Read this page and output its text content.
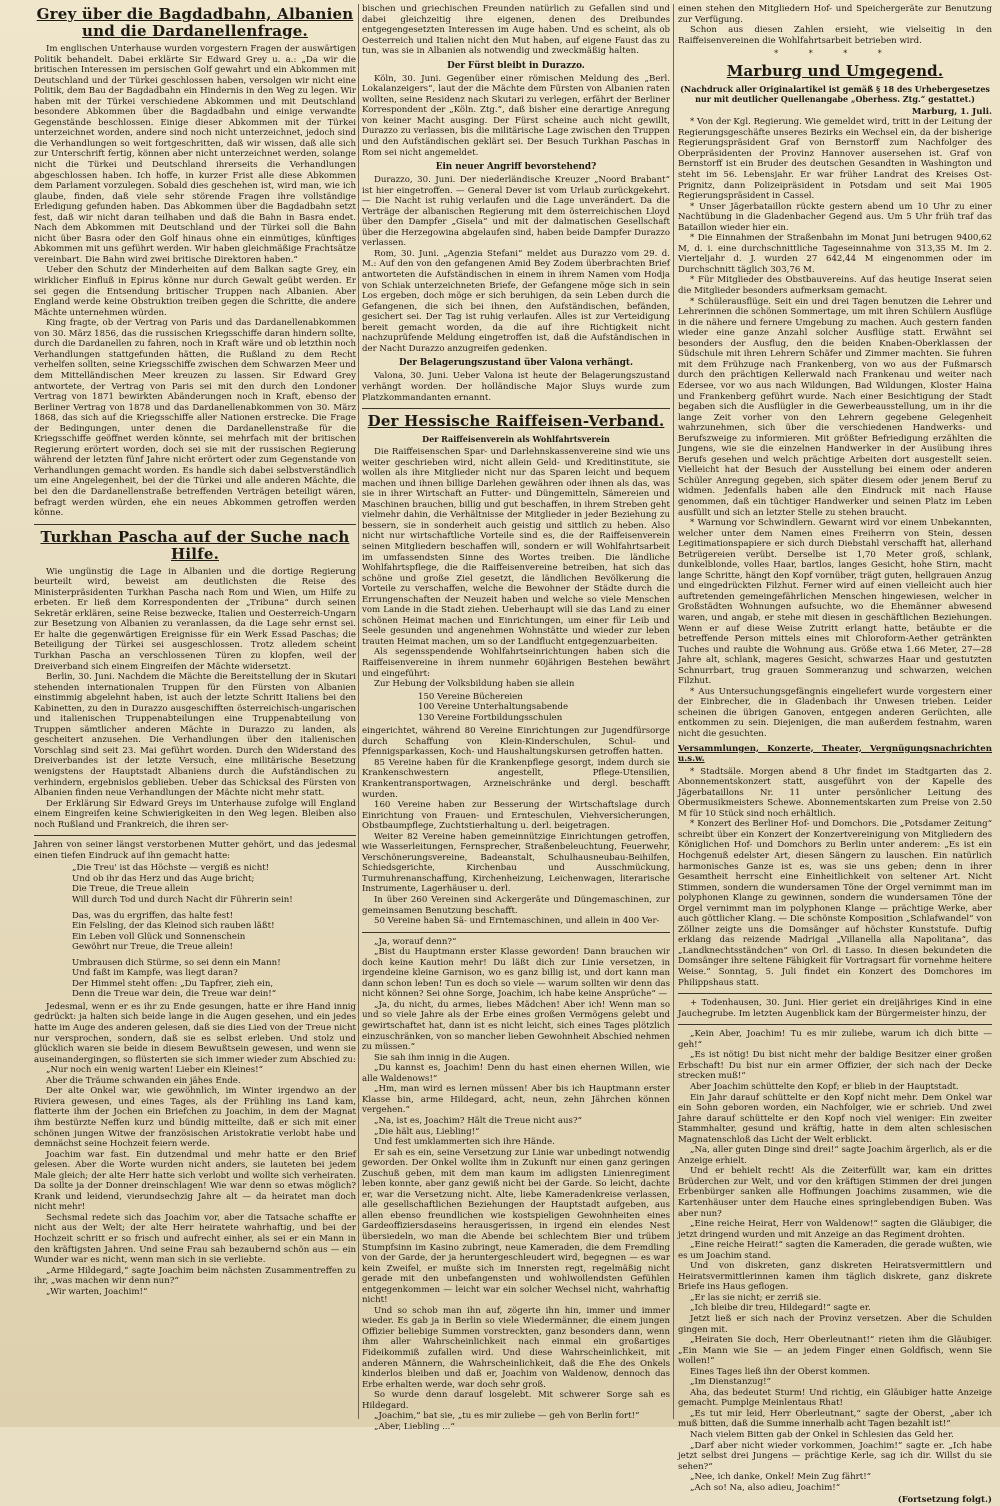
Grey über die Bagdadbahn, Albanien und die Dardanellenfrage.

Im englischen Unterhause wurden vorgestern Fragen der auswärtigen Politik behandelt. Dabei erklärte Sir Edward Grey u. a.: „Da wir die britischen Interessen im persischen Golf gewahrt und ein Abkommen mit Deutschland und der Türkei geschlossen haben, versolgen wir nicht eine Politik, dem Bau der Bagdadbahn ein Hindernis in den Weg zu legen. Wir haben mit der Türkei verschiedene Abkommen und mit Deutschland besondere Abkommen über die Bagdadbahn und einige verwandte Gegenstände beschlossen. Einige dieser Abkommen mit der Türkei unterzeichnet worden, andere sind noch nicht unterzeichnet, jedoch sind die Verhandlungen so weit fortgeschritten, daß wir wissen, daß alle sich zur Unterschrift fertig, können aber nicht unterzeichnet werden, solange nicht die Türkei und Deutschland ihrerseits die Verhandlungen abgeschlossen haben. Ich hoffe, in kurzer Frist alle diese Abkommen dem Parlament vorzulegen. Sobald dies geschehen ist, wird man, wie ich glaube, finden, daß viele sehr störende Fragen ihre vollständige Erledigung gefunden haben. Das Abkommen über die Bagdadbahn setzt fest, daß wir nicht daran teilhaben und daß die Bahn in Basra endet. Nach dem Abkommen mit Deutschland und der Türkei soll die Bahn nicht über Basra oder den Golf hinaus ohne ein einmütiges, künftiges Abkommen mit uns geführt werden. Wir haben gleichmäßige Frachtsätze vereinbart. Die Bahn wird zwei britische Direktoren haben.“

Ueber den Schutz der Minderheiten auf dem Balkan sagte Grey, ein wirklicher Einfluß in Epirus könne nur durch Gewalt geübt werden. Er sei gegen die Entsendung britischer Truppen nach Albanien. Aber England werde keine Obstruktion treiben gegen die Schritte, die andere Mächte unternehmen würden.

King fragte, ob der Vertrag von Paris und das Dardanellenabkommen von 30. März 1856, das die russischen Kriegsschiffe daran hindern sollte, durch die Dardanellen zu fahren, noch in Kraft wäre und ob letzthin noch Verhandlungen stattgefunden hätten, die Rußland zu dem Recht verhelfen sollten, seine Kriegsschiffe zwischen dem Schwarzen Meer und dem Mittelländischen Meer kreuzen zu lassen. Sir Edward Grey antwortete, der Vertrag von Paris sei mit den durch den Londoner Vertrag von 1871 bewirkten Abänderungen noch in Kraft, ebenso der Berliner Vertrag von 1878 und das Dardanellenabkommen von 30. März 1868, das sich auf die Kriegsschiffe aller Nationen erstrecke. Die Frage der Bedingungen, unter denen die Dardanellenstraße für die Kriegsschiffe geöffnet werden könnte, sei mehrfach mit der britischen Regierung erörtert worden, doch sei sie mit der russischen Regierung während der letzten fünf Jahre nicht erörtert oder zum Gegenstande von Verhandlungen gemacht worden. Es handle sich dabei selbstverständlich um eine Angelegenheit, bei der die Türkei und alle anderen Mächte, die bei den die Dardanellenstraße betreffenden Verträgen beteiligt wären, befragt werden würden, ehe ein neues Abkommen getroffen werden könne.

Turkhan Pascha auf der Suche nach Hilfe.

Wie ungünstig die Lage in Albanien und die dortige Regierung beurteilt wird, beweist am deutlichsten die Reise des Ministerpräsidenten Turkhan Pascha nach Rom und Wien, um Hilfe zu erbeten. Er ließ dem Korrespondenten der „Tribuna“ durch seinen Sekretär erklären, seine Reise bezwecke, Italien und Oesterreich-Ungarn zur Besetzung von Albanien zu veranlassen, da die Lage sehr ernst sei. Er halte die gegenwärtigen Ereignisse für ein Werk Essad Paschas; die Beteiligung der Türkei sei ausgeschlossen. Trotz alledem scheint Turkhan Pascha an verschlossenen Türen zu klopfen, weil der Dreiverband sich einem Eingreifen der Mächte widersetzt.

Berlin, 30. Juni. Nachdem die Mächte die Bereitstellung der in Skutari stehenden internationalen Truppen für den Fürsten von Albanien einstimmig abgelehnt haben, ist auch der letzte Schritt Italiens bei den Kabinetten, zu den in Durazzo ausgeschifften österreichisch-ungarischen und italienischen Truppenabteilungen eine Truppenabteilung von Truppen sämtlicher anderen Mächte in Durazzo zu landen, als gescheitert anzusehen. Die Verhandlungen über den italienischen Vorschlag sind seit 23. Mai geführt worden. Durch den Widerstand des Dreiverbandes ist der letzte Versuch, eine militärische Besetzung wenigstens der Hauptstadt Albaniens durch die Aufständischen zu verhindern, ergebnislos geblieben. Ueber das Schicksal des Fürsten von Albanien finden neue Verhandlungen der Mächte nicht mehr statt.

Der Erklärung Sir Edward Greys im Unterhause zufolge will England einem Eingreifen keine Schwierigkeiten in den Weg legen. Bleiben also noch Rußland und Frankreich, die ihren ser-

Jahren von seiner längst verstorbenen Mutter gehört, und das jedesmal einen tiefen Eindruck auf ihn gemacht hatte:

„Die Treu' ist das Höchste — vergiß es nicht!
Und ob ihr das Herz und das Auge bricht;
Die Treue, die Treue allein
Will durch Tod und durch Nacht dir Führerin sein!
Das, was du ergriffen, das halte fest!
Ein Felsling, der das Kleinod sich rauben läßt!
Ein Leben voll Glück und Sonnenschein
Gewöhrt nur Treue, die Treue allein!
Umbrausen dich Stürme, so sei denn ein Mann!
Und faßt im Kampfe, was liegt daran?
Der Himmel steht offen: „Du Tapfrer, zieh ein,
Denn die Treue war dein, die Treue war dein!“

Jedesmal, wenn er es ihr zu Ende gesungen, hatte er ihre Hand innig gedrückt: ja halten sich beide lange in die Augen gesehen, und ein jedes hatte im Auge des anderen gelesen, daß sie dies Lied von der Treue nicht nur versprochen, sondern, daß sie es selbst erleben. Und stolz und glücklich waren sie beide in diesem Bewußtsein gewesen, und wenn sie auseinandergingen, so flüsterten sie sich immer wieder zum Abschied zu:

„Nur noch ein wenig warten! Lieber ein Kleines!“

Aber die Träume schwanden ein jähes Ende.

Der alte Onkel war, wie gewöhnlich, im Winter irgendwo an der Riviera gewesen, und eines Tages, als der Frühling ins Land kam, flatterte ihm der Jochen ein Briefchen zu Joachim, in dem der Magnat ihm bestürzte Neffen kurz und bündig mitteilte, daß er sich mit einer schönen jungen Witwe der französischen Aristokratie verlobt habe und demnächst seine Hochzeit feiern werde.

Joachim war fast. Ein dutzendmal und mehr hatte er den Brief gelesen. Aber die Worte wurden nicht anders, sie lauteten bei jedem Male gleich; der alte Herr hatte sich verlobt und wollte sich verheiraten. Da sollte ja der Donner dreinschlagen! Wie war denn so etwas möglich? Krank und leidend, vierundsechzig Jahre alt — da heiratet man doch nicht mehr!

Sechsmal redete sich das Joachim vor, aber die Tatsache schaffte er nicht aus der Welt; der alte Herr heiratete wahrhaftig, und bei der Hochzeit schritt er so frisch und aufrecht einher, als sei er ein Mann in den kräftigsten Jahren. Und seine Frau sah bezaubernd schön aus — ein Wunder war es nicht, wenn man sich in sie verliebte.

„Arme Hildegard,“ sagte Joachim beim nächsten Zusammentreffen zu ihr, „was machen wir denn nun?“

„Wir warten, Joachim!“

bischen und griechischen Freunden natürlich zu Gefallen sind und dabei gleichzeitig ihre eigenen, denen des Dreibundes entgegengesetzten Interessen im Auge haben. Und es scheint, als ob Oesterreich und Italien nicht den Mut haben, auf eigene Faust das zu tun, was sie in Albanien als notwendig und zweckmäßig halten.

Der Fürst bleibt in Durazzo.

Köln, 30. Juni. Gegenüber einer römischen Meldung des „Berl. Lokalanzeigers“, laut der die Mächte dem Fürsten von Albanien raten wollten, seine Residenz nach Skutari zu verlegen, erfährt der Berliner Korrespondent der „Köln. Ztg.“, daß bisher eine derartige Anregung von keiner Macht ausging. Der Fürst scheine auch nicht gewillt, Durazzo zu verlassen, bis die militärische Lage zwischen den Truppen und den Aufständischen geklärt sei. Der Besuch Turkhan Paschas in Rom sei nicht angemeldet.

Ein neuer Angriff bevorstehend?

Durazzo, 30. Juni. Der niederländische Kreuzer „Noord Brabant“ ist hier eingetroffen. — General Dever ist vom Urlaub zurückgekehrt. — Die Nacht ist ruhig verlaufen und die Lage unverändert. Da die Verträge der albanischen Regierung mit dem österreichischen Lloyd über den Dampfer „Gisela“ und mit der dalmatischen Gesellschaft über die Herzegowina abgelaufen sind, haben beide Dampfer Durazzo verlassen.

Rom, 30. Juni. „Agenzia Stefani“ meldet aus Durazzo vom 29. d. M.: Auf den von den gefangenen Amid Bey Zodem überbrachten Brief antworteten die Aufständischen in einem in ihrem Namen vom Hodja von Schiak unterzeichneten Briefe, der Gefangene möge sich in sein Los ergeben, doch möge er sich beruhigen, da sein Leben durch die Gefangenen, die sich bei ihnen, den Aufständischen, befänden, gesichert sei. Der Tag ist ruhig verlaufen. Alles ist zur Verteidigung bereit gemacht worden, da die auf ihre Richtigkeit nicht nachzuprüfende Meldung eingetroffen ist, daß die Aufständischen in der Nacht Durazzo anzugreifen gedenken.

Der Belagerungszustand über Valona verhängt.

Valona, 30. Juni. Ueber Valona ist heute der Belagerungszustand verhängt worden. Der holländische Major Sluys wurde zum Platzkommandanten ernannt.

Der Hessische Raiffeisen-Verband.
Der Raiffeisenverein als Wohlfahrtsverein

Die Raiffeisenschen Spar- und Darlehnskassenvereine sind wie uns weiter geschrieben wird, nicht allein Geld- und Kreditinstitute, sie wollen als ihre Mitglieder nicht nur das Sparen leicht und bequem machen und ihnen billige Darlehen gewähren oder ihnen als das, was sie in ihrer Wirtschaft an Futter- und Düngemitteln, Sämereien und Maschinen brauchen, billig und gut beschaffen, in ihrem Streben geht vielmehr dahin, die Verhältnisse der Mitglieder in jeder Beziehung zu bessern, sie in sonderheit auch geistig und sittlich zu heben. Also nicht nur wirtschaftliche Vorteile sind es, die der Raiffeisenverein seinen Mitgliedern beschaffen will, sondern er will Wohlfahrtsarbeit im umfassendsten Sinne des Wortes treiben. Die ländliche Wohlfahrtspflege, die die Raiffeisenvereine betreiben, hat sich das schöne und große Ziel gesetzt, die ländlichen Bevölkerung die Vorteile zu verschaffen, welche die Bewohner der Städte durch die Errungenschaften der Neuzeit haben und welche so viele Menschen vom Lande in die Stadt ziehen. Ueberhaupt will sie das Land zu einer schönen Heimat machen und Einrichtungen, um einer für Leib und Seele gesunden und angenehmen Wohnstätte und wieder zur leben trauten Heimat machen, um so der Landflucht entgegenzuarbeiten.

Als segensspendende Wohlfahrtseinrichtungen haben sich die Raiffeisenvereine in ihrem nunmehr 60jährigen Bestehen bewährt und eingeführt:

Zur Hebung der Volksbildung haben sie allein

150 Vereine Büchereien
100 Vereine Unterhaltungsabende
130 Vereine Fortbildungsschulen

eingerichtet, während 80 Vereine Einrichtungen zur Jugendfürsorge durch Schaffung von Klein-Kinderschulen, Schul- und Pfennigsparkassen, Koch- und Haushaltungskursen getroffen hatten.

85 Vereine haben für die Krankenpflege gesorgt, indem durch sie Krankenschwestern angestellt, Pflege-Utensilien, Krankentransportwagen, Arzneischränke und dergl. beschafft wurden.

160 Vereine haben zur Besserung der Wirtschaftslage durch Einrichtung von Frauen- und Ernteschulen, Viehversicherungen, Obstbaumpflege, Zuchtstierhaltung u. derl. beigetragen.

Weiter 82 Vereine haben gemeinnützige Einrichtungen getroffen, wie Wasserleitungen, Fernsprecher, Straßenbeleuchtung, Feuerwehr, Verschönerungsvereine, Badeanstalt, Schulhausneubau-Beihilfen, Schiedsgerichte, Kirchenbau und Ausschmückung, Turmuhrenanschaffung, Kirchenheizung, Leichenwagen, literarische Instrumente, Lagerhäuser u. derl.

In über 260 Vereinen sind Ackergeräte und Düngemaschinen, zur gemeinsamen Benutzung beschafft.

50 Vereine haben Sä- und Erntemaschinen, und allein in 400 Ver-

„Ja, worauf denn?“

„Bist du Hauptmann erster Klasse geworden! Dann brauchen wir doch keine Kaution mehr! Du läßt dich zur Linie versetzen, in irgendeine kleine Garnison, wo es ganz billig ist, und dort kann man dann schon leben! Tun es doch so viele — warum sollten wir denn das nicht können? Sei ohne Sorge, Joachim, ich habe keine Ansprüche“ —

„Ja, du nicht, du armes, liebes Mädchen! Aber ich! Wenn man so und so viele Jahre als der Erbe eines großen Vermögens gelebt und gewirtschaftet hat, dann ist es nicht leicht, sich eines Tages plötzlich einzuschränken, von so mancher lieben Gewohnheit Abschied nehmen zu müssen.“

Sie sah ihm innig in die Augen.

„Du kannst es, Joachim! Denn du hast einen ehernen Willen, wie alle Waldenows!“

„Hm, man wird es lernen müssen! Aber bis ich Hauptmann erster Klasse bin, arme Hildegard, acht, neun, zehn Jährchen können vergehen.“

„Na, ist es, Joachim? Hält die Treue nicht aus?“

„Die hält aus, Liebling!“

Und fest umklammerten sich ihre Hände.

Er sah es ein, seine Versetzung zur Linie war unbedingt notwendig geworden. Der Onkel wollte ihm in Zukunft nur einen ganz geringen Zuschuß geben, mit dem man kaum im adligsten Linienregiment leben konnte, aber ganz gewiß nicht bei der Garde. So leicht, dachte er, war die Versetzung nicht. Alte, liebe Kameradenkreise verlassen, alle gesellschaftlichen Beziehungen der Hauptstadt aufgeben, aus allen ebenso freundlichen wie kostspieligen Gewohnheiten eines Gardeoffiziersdaseins herausgerissen, in irgend ein elendes Nest übersiedeln, wo man die Abende bei schlechtem Bier und trübem Stumpfsinn im Kasino zubringt, neue Kameraden, die dem Fremdling von der Garde, der ja heruntergeschleudert wird, begegnen — es war kein Zweifel, er mußte sich im Innersten regt, regelmäßig nicht gerade mit den unbefangensten und wohlwollendsten Gefühlen entgegenkommen — leicht war ein solcher Wechsel nicht, wahrhaftig nicht!

Und so schob man ihn auf, zögerte ihn hin, immer und immer wieder. Es gab ja in Berlin so viele Wiedermänner, die einem jungen Offizier beliebige Summen vorstreckten, ganz besonders dann, wenn ihm aller Wahrscheinlichkeit nach einmal ein großartiges Fideikommiß zufallen wird. Und diese Wahrscheinlichkeit, mit anderen Männern, die Wahrscheinlichkeit, daß die Ehe des Onkels kinderlos bleiben und daß er, Joachim von Waldenow, dennoch das Erbe erhalten werde, war doch sehr groß.

So wurde denn darauf losgelebt. Mit schwerer Sorge sah es Hildegard.

„Joachim,“ bat sie, „tu es mir zuliebe — geh von Berlin fort!“

„Aber, Liebling ...“

einen stehen den Mitgliedern Hof- und Speichergeräte zur Benutzung zur Verfügung.

Schon aus diesen Zahlen ersieht, wie vielseitig in den Raiffeisenvereinen die Wohlfahrtsarbeit betrieben wird.

* * * *
Marburg und Umgegend.
(Nachdruck aller Originalartikel ist gemäß § 18 des Urhebergesetzes nur mit deutlicher Quellenangabe „Oberhess. Ztg.“ gestattet.)
Marburg, 1. Juli.

* Von der Kgl. Regierung. Wie gemeldet wird, tritt in der Leitung der Regierungsgeschäfte unseres Bezirks ein Wechsel ein, da der bisherige Regierungspräsident Graf von Bernstorff zum Nachfolger des Oberpräsidenten der Provinz Hannover ausersehen ist. Graf von Bernstorff ist ein Bruder des deutschen Gesandten in Washington und steht im 56. Lebensjahr. Er war früher Landrat des Kreises Ost-Prignitz, dann Polizeipräsident in Potsdam und seit Mai 1905 Regierungspräsident in Cassel.

* Unser Jägerbataillon rückte gestern abend um 10 Uhr zu einer Nachtübung in die Gladenbacher Gegend aus. Um 5 Uhr früh traf das Bataillon wieder hier ein.

* Die Einnahmen der Straßenbahn im Monat Juni betrugen 9400,62 M, d. i. eine durchschnittliche Tageseinnahme von 313,35 M. Im 2. Vierteljahr d. J. wurden 27 642,44 M eingenommen oder im Durchschnitt täglich 303,76 M.

* Für Mitglieder des Obstbauvereins. Auf das heutige Inserat seien die Mitglieder besonders aufmerksam gemacht.

* Schülerausflüge. Seit ein und drei Tagen benutzen die Lehrer und Lehrerinnen die schönen Sommertage, um mit ihren Schülern Ausflüge in die nähere und fernere Umgebung zu machen. Auch gestern fanden wieder eine ganze Anzahl solcher Ausflüge statt. Erwähnt sei besonders der Ausflug, den die beiden Knaben-Oberklassen der Südschule mit ihren Lehrern Schäfer und Zimmer machten. Sie fuhren mit dem Frühzuge nach Frankenberg, von wo aus der Fußmarsch durch den prächtigen Kellerwald nach Frankenau und weiter nach Edersee, vor wo aus nach Wildungen, Bad Wildungen, Kloster Haina und Frankenberg geführt wurde. Nach einer Besichtigung der Stadt begaben sich die Ausflügler in die Gewerbeausstellung, um in ihr die lange Zeit vorher von den Lehrern gegebene Gelegenheit wahrzunehmen, sich über die verschiedenen Handwerks- und Berufszweige zu informieren. Mit größter Befriedigung erzählten die Jungens, wie sie die einzelnen Handwerker in der Ausübung ihres Berufs gesehen und welch prächtige Arbeiten dort ausgestellt seien. Vielleicht hat der Besuch der Ausstellung bei einem oder anderen Schüler Anregung gegeben, sich später diesem oder jenem Beruf zu widmen. Jedenfalls haben alle den Eindruck mit nach Hause genommen, daß ein tüchtiger Handwerker und seinen Platz im Leben ausfüllt und sich an letzter Stelle zu stehen braucht.

* Warnung vor Schwindlern. Gewarnt wird vor einem Unbekannten, welcher unter dem Namen eines Freiherrn von Stein, dessen Legitimationspapiere er sich durch Diebstahl verschafft hat, allerhand Betrügereien verübt. Derselbe ist 1,70 Meter groß, schlank, dunkelblonde, volles Haar, bartlos, langes Gesicht, hohe Stirn, macht lange Schritte, hängt den Kopf vornüber, trägt guten, hellgrauen Anzug und eingedrückten Filzhut. Ferner wird auf einen vielleicht auch hier auftretenden gemeingefährlichen Menschen hingewiesen, welcher in Großstädten Wohnungen aufsuchte, wo die Ehemänner abwesend waren, und angab, er stehe mit diesen in geschäftlichen Beziehungen. Wenn er auf diese Weise Zutritt erlangt hatte, betäubte er die betreffende Person mittels eines mit Chloroform-Aether getränkten Tuches und raubte die Wohnung aus. Größe etwa 1.66 Meter, 27—28 Jahre alt, schlank, mageres Gesicht, schwarzes Haar und gestutzten Schnurrbart, trug grauen Sommeranzug und schwarzen, weichen Filzhut.

* Aus Untersuchungsgefängnis eingeliefert wurde vorgestern einer der Einbrecher, die in Gladenbach ihr Unwesen trieben. Leider scheinen die übrigen Ganoven, entgegen anderen Gerüchten, alle entkommen zu sein. Diejenigen, die man außerdem festnahm, waren nicht die gesuchten.

Versammlungen, Konzerte, Theater, Vergnügungsnachrichten u.s.w.

* Stadtsäle. Morgen abend 8 Uhr findet im Stadtgarten das 2. Abonnementskonzert statt, ausgeführt von der Kapelle des Jägerbataillons Nr. 11 unter persönlicher Leitung des Obermusikmeisters Schewe. Abonnementskarten zum Preise von 2.50 M für 10 Stück sind noch erhältlich.

* Konzert des Berliner Hof- und Domchors. Die „Potsdamer Zeitung“ schreibt über ein Konzert der Konzertvereinigung von Mitgliedern des Königlichen Hof- und Domchors zu Berlin unter anderem: „Es ist ein Hochgenuß edelster Art, diesen Sängern zu lauschen. Ein natürlich harmonisches Ganze ist es, was sie uns geben; denn in ihrer Gesamtheit herrscht eine Einheitlichkeit von seltener Art. Nicht Stimmen, sondern die wundersamen Töne der Orgel vernimmt man im polyphonen Klange zu gewinnen, sondern die wundersamen Töne der Orgel vernimmt man im polyphonen Klange — prächtige Werke, aber auch göttlicher Klang. — Die schönste Komposition „Schlafwandel“ von Zöllner zeigte uns die Domsänger auf höchster Kunststufe. Duftig erklang das reizende Madrigal „Villanella alla Napolitana“, das „Landknechtsständchen“ von Orl. di Lasso. In diesen bekundeten die Domsänger ihre seltene Fähigkeit für Vortragsart für vornehme heitere Weise.“ Sonntag, 5. Juli findet ein Konzert des Domchores im Philippshaus statt.

+ Todenhausen, 30. Juni. Hier geriet ein dreijähriges Kind in eine Jauchegrube. Im letzten Augenblick kam der Bürgermeister hinzu, der

„Kein Aber, Joachim! Tu es mir zuliebe, warum ich dich bitte — geh!“

„Es ist nötig! Du bist nicht mehr der baldige Besitzer einer großen Erbschaft! Du bist nur ein armer Offizier, der sich nach der Decke strecken muß!“

Aber Joachim schüttelte den Kopf; er blieb in der Hauptstadt.

Ein Jahr darauf schüttelte er den Kopf nicht mehr. Dem Onkel war ein Sohn geboren worden, ein Nachfolger, wie er schrieb. Und zwei Jahre darauf schüttelte er den Kopf noch viel weniger: Ein zweiter Stammhalter, gesund und kräftig, hatte in dem alten schlesischen Magnatenschloß das Licht der Welt erblickt.

„Na, aller guten Dinge sind drei!“ sagte Joachim ärgerlich, als er die Anzeige erhielt.

Und er behielt recht! Als die Zeiterfüllt war, kam ein drittes Brüderchen zur Welt, und vor den kräftigen Stimmen der drei jungen Erbenbürger sanken alle Hoffnungen Joachims zusammen, wie die Kartenhäuser unter dem Hauche eines springlebendigen Buben. Was aber nun?

„Eine reiche Heirat, Herr von Waldenow!“ sagten die Gläubiger, die jetzt dringend wurden und mit Anzeige an das Regiment drohten.

„Eine reiche Heirat!“ sagten die Kameraden, die gerade wußten, wie es um Joachim stand.

Und von diskreten, ganz diskreten Heiratsvermittlern und Heiratsvermittlerinnen kamen ihm täglich diskrete, ganz diskrete Briefe ins Haus geflogen.

„Er las sie nicht; er zerriß sie.

„Ich bleibe dir treu, Hildegard!“ sagte er.

Jetzt ließ er sich nach der Provinz versetzen. Aber die Schulden gingen mit.

„Heiraten Sie doch, Herr Oberleutnant!“ rieten ihm die Gläubiger. „Ein Mann wie Sie — an jedem Finger einen Goldfisch, wenn Sie wollen!“

Eines Tages ließ ihn der Oberst kommen.

„Im Dienstanzug!“

Aha, das bedeutet Sturm! Und richtig, ein Gläubiger hatte Anzeige gemacht. Pumplge Meinlentaus Rhat!

„Es tut mir leid, Herr Oberleutnant,“ sagte der Oberst, „aber ich muß bitten, daß die Summe innerhalb acht Tagen bezahlt ist!“

Nach vielem Bitten gab der Onkel in Schlesien das Geld her.

„Darf aber nicht wieder vorkommen, Joachim!“ sagte er. „Ich habe jetzt selbst drei Jungens — prächtige Kerle, sag ich dir. Willst du sie sehen?“

„Nee, ich danke, Onkel! Mein Zug fährt!“

„Ach so! Na, also adieu, Joachim!“

(Fortsetzung folgt.)
